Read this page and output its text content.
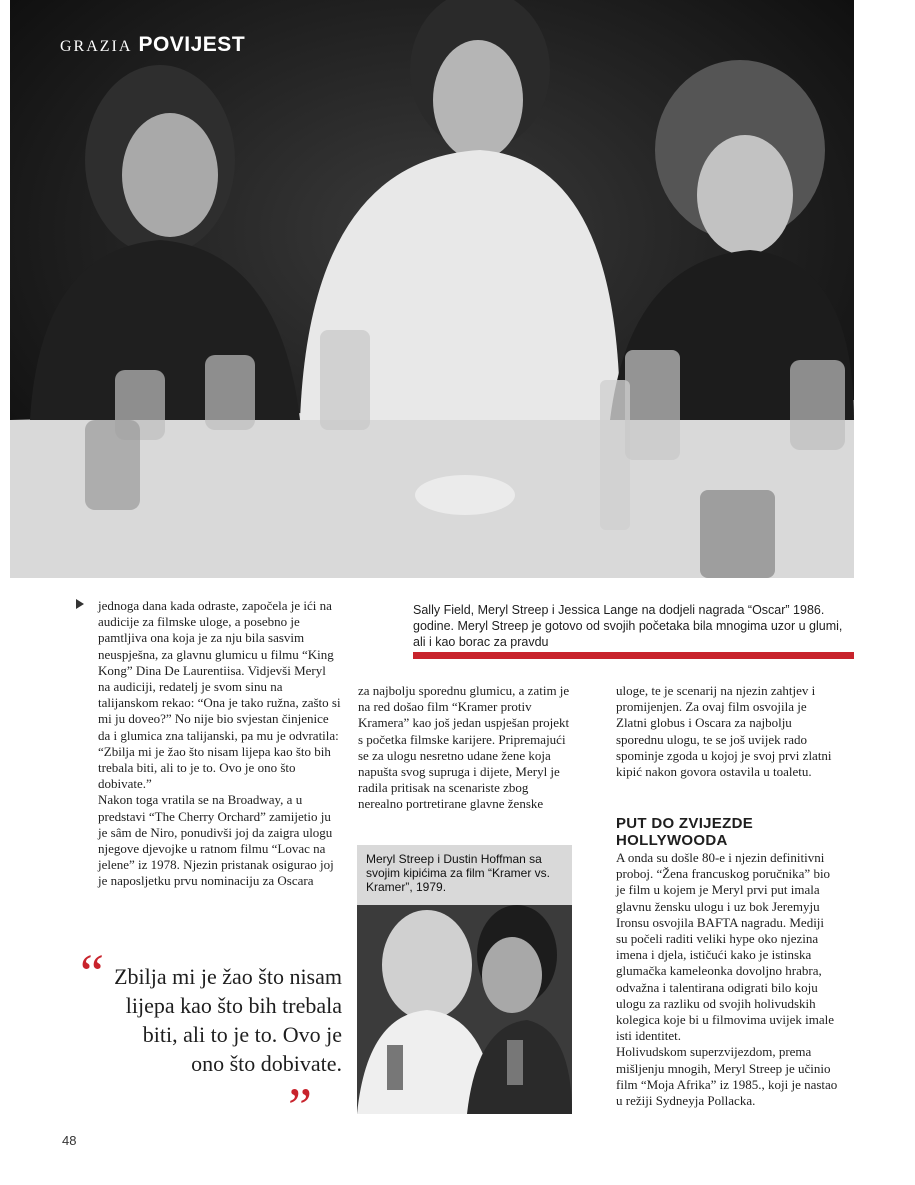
GRAZIA POVIJEST
Sally Field, Meryl Streep i Jessica Lange na dodjeli nagrada “Oscar” 1986. godine. Meryl Streep je gotovo od svojih početaka bila mnogima uzor u glumi, ali i kao borac za pravdu

jednoga dana kada odraste, započela je ići na audicije za filmske uloge, a posebno je pamtljiva ona koja je za nju bila sasvim neuspješna, za glavnu glumicu u filmu “King Kong” Dina De Laurentiisa. Vidjevši Meryl na audiciji, redatelj je svom sinu na talijanskom rekao: “Ona je tako ružna, zašto si mi ju doveo?” No nije bio svjestan činjenice da i glumica zna talijanski, pa mu je odvratila: “Zbilja mi je žao što nisam lijepa kao što bih trebala biti, ali to je to. Ovo je ono što dobivate.”

Nakon toga vratila se na Broadway, a u predstavi “The Cherry Orchard” zamijetio ju je sâm de Niro, ponudivši joj da zaigra ulogu njegove djevojke u ratnom filmu “Lovac na jelene” iz 1978. Njezin pristanak osigurao joj je naposljetku prvu nominaciju za Oscara

“ Zbilja mi je žao što nisam lijepa kao što bih trebala biti, ali to je to. Ovo je ono što dobivate.
”

za najbolju sporednu glumicu, a zatim je na red došao film “Kramer protiv Kramera” kao još jedan uspješan projekt s početka filmske karijere. Pripremajući se za ulogu nesretno udane žene koja napušta svog supruga i dijete, Meryl je radila pritisak na scenariste zbog nerealno portretirane glavne ženske

Meryl Streep i Dustin Hoffman sa svojim kipićima za film “Kramer vs. Kramer”, 1979.

uloge, te je scenarij na njezin zahtjev i promijenjen. Za ovaj film osvojila je Zlatni globus i Oscara za najbolju sporednu ulogu, te se još uvijek rado spominje zgoda u kojoj je svoj prvi zlatni kipić nakon govora ostavila u toaletu.

PUT DO ZVIJEZDE HOLLYWOODA

A onda su došle 80-e i njezin definitivni proboj. “Žena francuskog poručnika” bio je film u kojem je Meryl prvi put imala glavnu žensku ulogu i uz bok Jeremyju Ironsu osvojila BAFTA nagradu. Mediji su počeli raditi veliki hype oko njezina imena i djela, ističući kako je istinska glumačka kameleonka dovoljno hrabra, odvažna i talentirana odigrati bilo koju ulogu za razliku od svojih holivudskih kolegica koje bi u filmovima uvijek imale isti identitet.

Holivudskom superzvijezdom, prema mišljenju mnogih, Meryl Streep je učinio film “Moja Afrika” iz 1985., koji je nastao u režiji Sydneyja Pollacka.

48
